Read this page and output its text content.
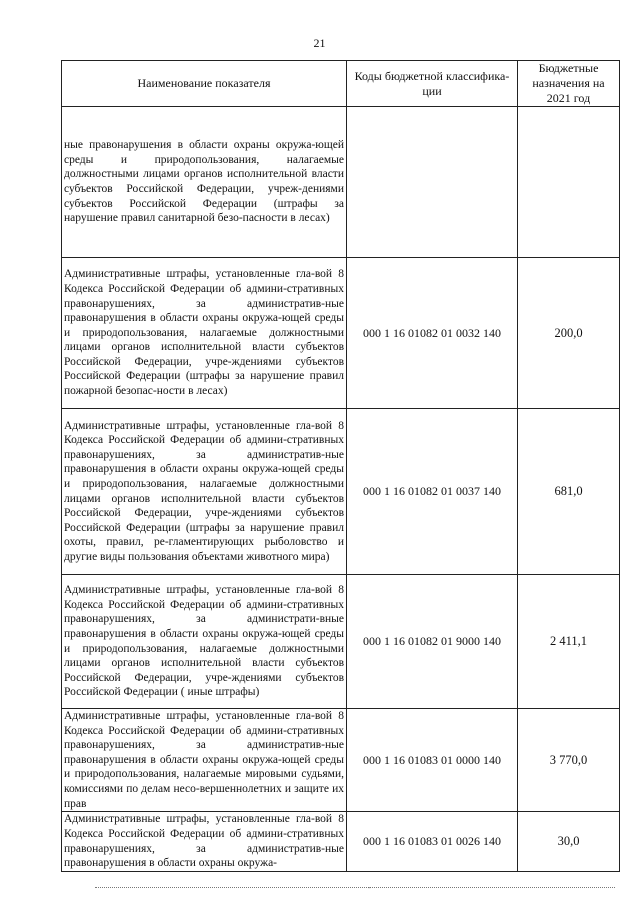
21
Наименование показателя	Коды бюджетной классифика-ции	Бюджетные назначения на 2021 год
ные правонарушения в области охраны окружа-ющей среды и природопользования, налагаемые должностными лицами органов исполнительной власти субъектов Российской Федерации, учреж-дениями субъектов Российской Федерации (штрафы за нарушение правил санитарной безо-пасности в лесах)		
Административные штрафы, установленные гла-вой 8 Кодекса Российской Федерации об админи-стративных правонарушениях, за административ-ные правонарушения в области охраны окружа-ющей среды и природопользования, налагаемые должностными лицами органов исполнительной власти субъектов Российской Федерации, учре-ждениями субъектов Российской Федерации (штрафы за нарушение правил пожарной безопас-ности в лесах)	000 1 16 01082 01 0032 140	200,0
Административные штрафы, установленные гла-вой 8 Кодекса Российской Федерации об админи-стративных правонарушениях, за административ-ные правонарушения в области охраны окружа-ющей среды и природопользования, налагаемые должностными лицами органов исполнительной власти субъектов Российской Федерации, учре-ждениями субъектов Российской Федерации (штрафы за нарушение правил охоты, правил, ре-гламентирующих рыболовство и другие виды пользования объектами животного мира)	000 1 16 01082 01 0037 140	681,0
Административные штрафы, установленные гла-вой 8 Кодекса Российской Федерации об админи-стративных правонарушениях, за администрати-вные правонарушения в области охраны окружа-ющей среды и природопользования, налагаемые должностными лицами органов исполнительной власти субъектов Российской Федерации, учре-ждениями субъектов Российской Федерации ( иные штрафы)	000 1 16 01082 01 9000 140	2 411,1
Административные штрафы, установленные гла-вой 8 Кодекса Российской Федерации об админи-стративных правонарушениях, за административ-ные правонарушения в области охраны окружа-ющей среды и природопользования, налагаемые мировыми судьями, комиссиями по делам несо-вершеннолетних и защите их прав	000 1 16 01083 01 0000 140	3 770,0
Административные штрафы, установленные гла-вой 8 Кодекса Российской Федерации об админи-стративных правонарушениях, за административ-ные правонарушения в области охраны окружа-	000 1 16 01083 01 0026 140	30,0
-
